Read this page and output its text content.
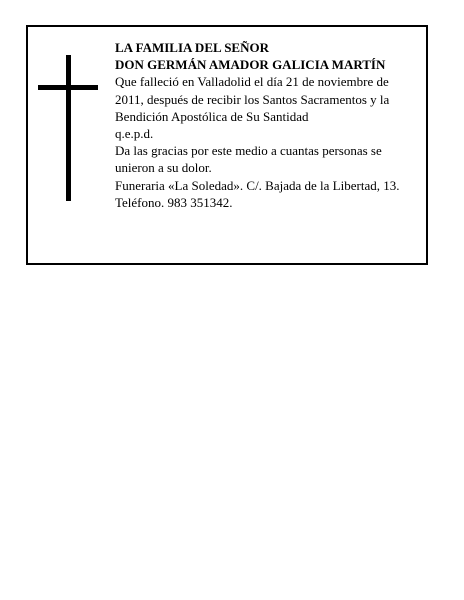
LA FAMILIA DEL SEÑOR
DON GERMÁN AMADOR GALICIA MARTÍN
Que falleció en Valladolid el día 21 de noviembre de
2011, después de recibir los Santos Sacramentos y la
Bendición Apostólica de Su Santidad
q.e.p.d.
Da las gracias por este medio a cuantas personas se
unieron a su dolor.
Funeraria «La Soledad». C/. Bajada de la Libertad, 13.
Teléfono. 983 351342.
